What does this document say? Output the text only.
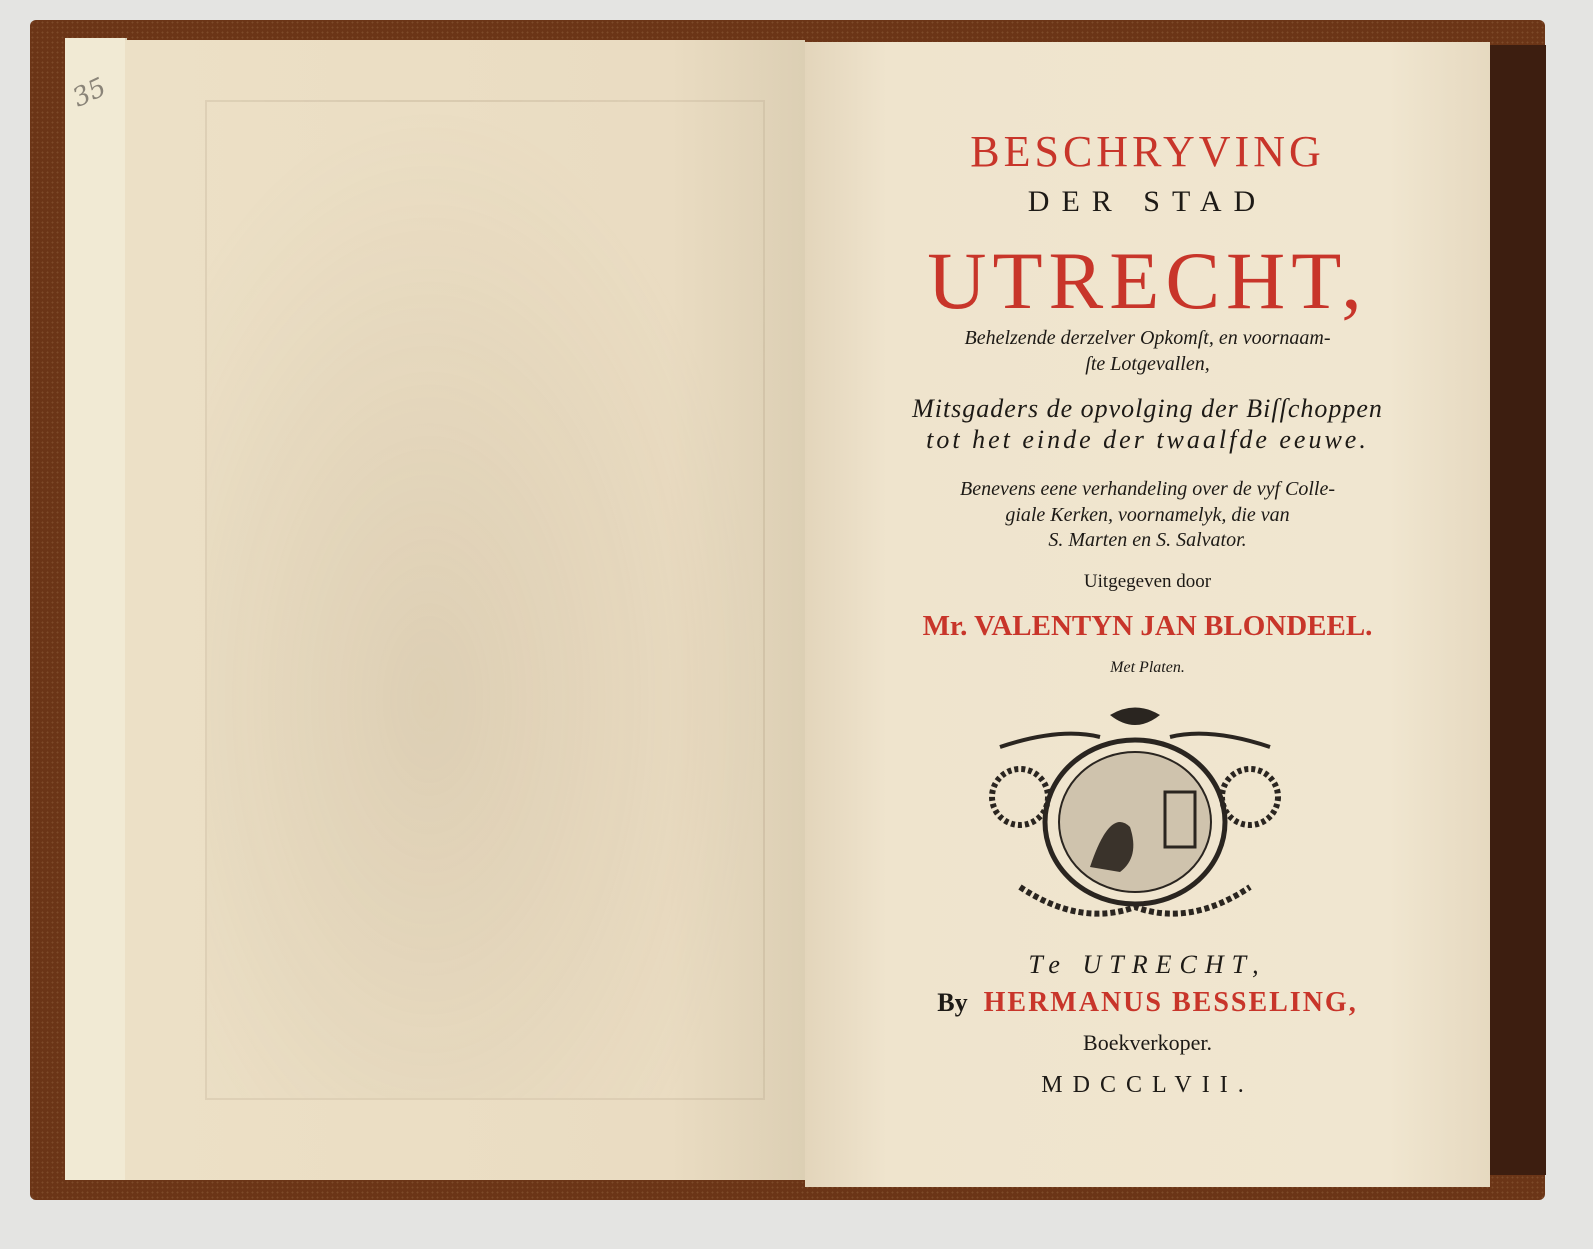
35
BESCHRYVING
DER STAD
UTRECHT,
Behelzende derzelver Opkomſt, en voornaam-
ſte Lotgevallen,
Mitsgaders de opvolging der Biſſchoppen
tot het einde der twaalfde eeuwe.
Benevens eene verhandeling over de vyf Colle-
giale Kerken, voornamelyk, die van
S. Marten en S. Salvator.
Uitgegeven door
Mr. VALENTYN JAN BLONDEEL.
Met Platen.
Te UTRECHT,
By HERMANUS BESSELING,
Boekverkoper.
MDCCLVII.
